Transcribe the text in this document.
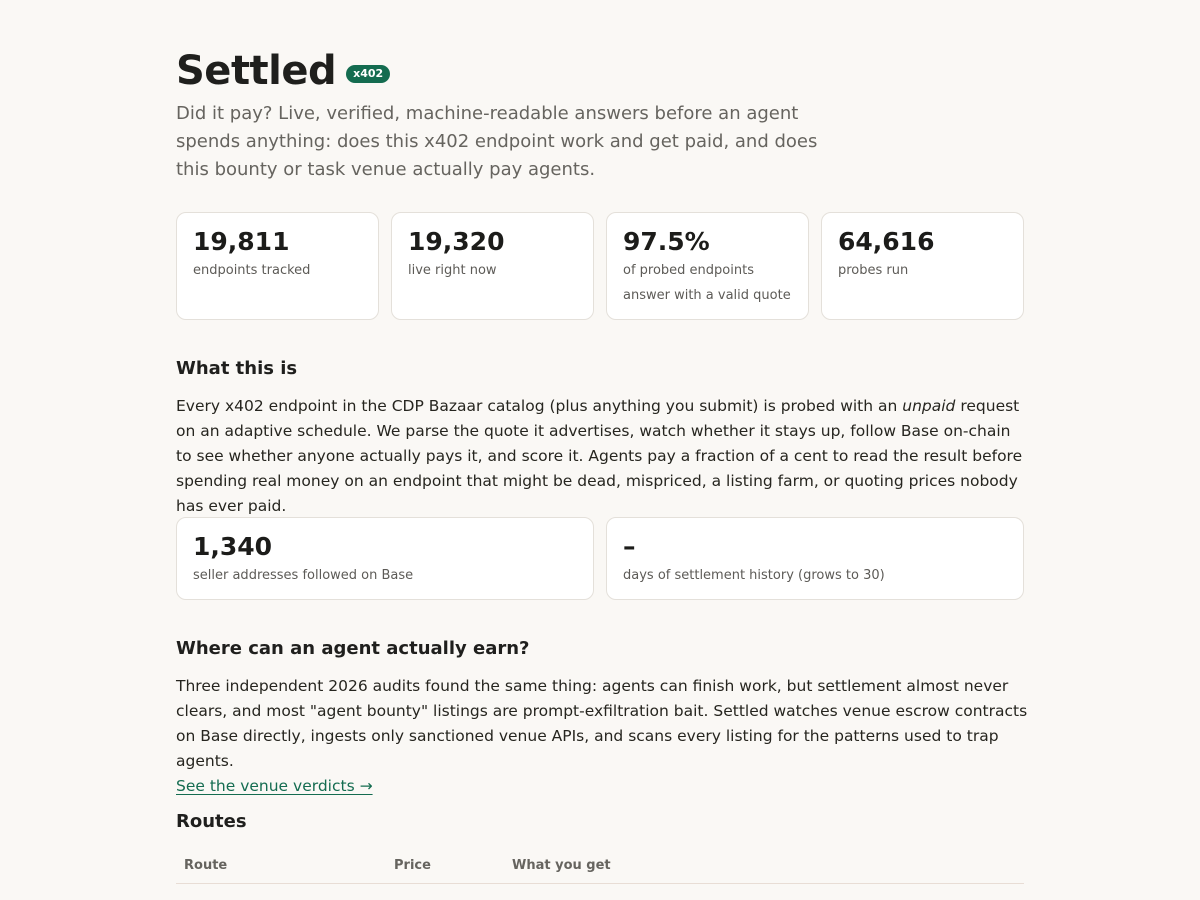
Settled	x402

Did it pay? Live, verified, machine-readable answers before an agent spends anything: does this x402 endpoint work and get paid, and does this bounty or task venue actually pay agents.

19,811
endpoints tracked
19,320
live right now
97.5%
of probed endpoints answer with a valid quote
64,616
probes run
What this is

Every x402 endpoint in the CDP Bazaar catalog (plus anything you submit) is probed with an unpaid request on an adaptive schedule. We parse the quote it advertises, watch whether it stays up, follow Base on-chain to see whether anyone actually pays it, and score it. Agents pay a fraction of a cent to read the result before spending real money on an endpoint that might be dead, mispriced, a listing farm, or quoting prices nobody has ever paid.

1,340
seller addresses followed on Base
–
days of settlement history (grows to 30)
Where can an agent actually earn?

Three independent 2026 audits found the same thing: agents can finish work, but settlement almost never clears, and most "agent bounty" listings are prompt-exfiltration bait. Settled watches venue escrow contracts on Base directly, ingests only sanctioned venue APIs, and scans every listing for the patterns used to trap agents.
See the venue verdicts →

Routes
Route	Price	What you get
